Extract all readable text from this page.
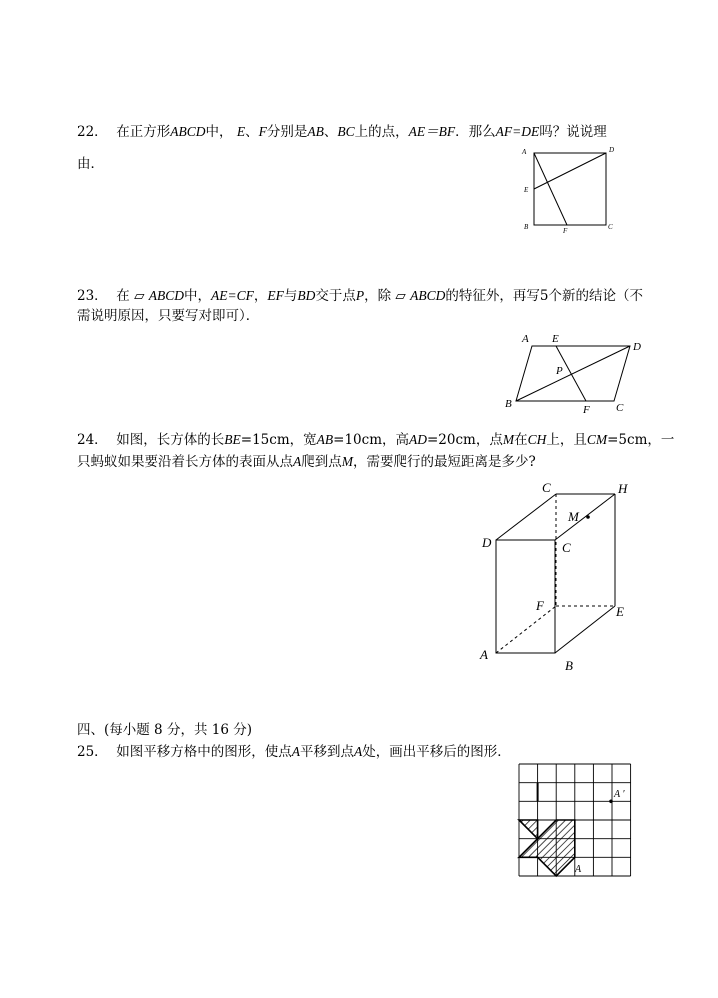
22． 在正方形ABCD中， E、F分别是AB、BC上的点，AE＝BF．那么AF=DE吗？说说理
由．
A	D
E
B	F	C
23． 在 ▱ ABCD中，AE=CF，EF与BD交于点P，除 ▱ ABCD的特征外，再写5个新的结论（不
需说明原因，只要写对即可）．
A E
D
P
B	F C
24． 如图，长方体的长BE=15cm，宽AB=10cm，高AD=20cm，点M在CH上，且CM=5cm，一
只蚂蚁如果要沿着长方体的表面从点A爬到点M，需要爬行的最短距离是多少?
C	H
M
D	C
F	E
A
B
四、(每小题 8 分，共 16 分)
25． 如图平移方格中的图形，使点A平移到点A处，画出平移后的图形．
A ′
A
